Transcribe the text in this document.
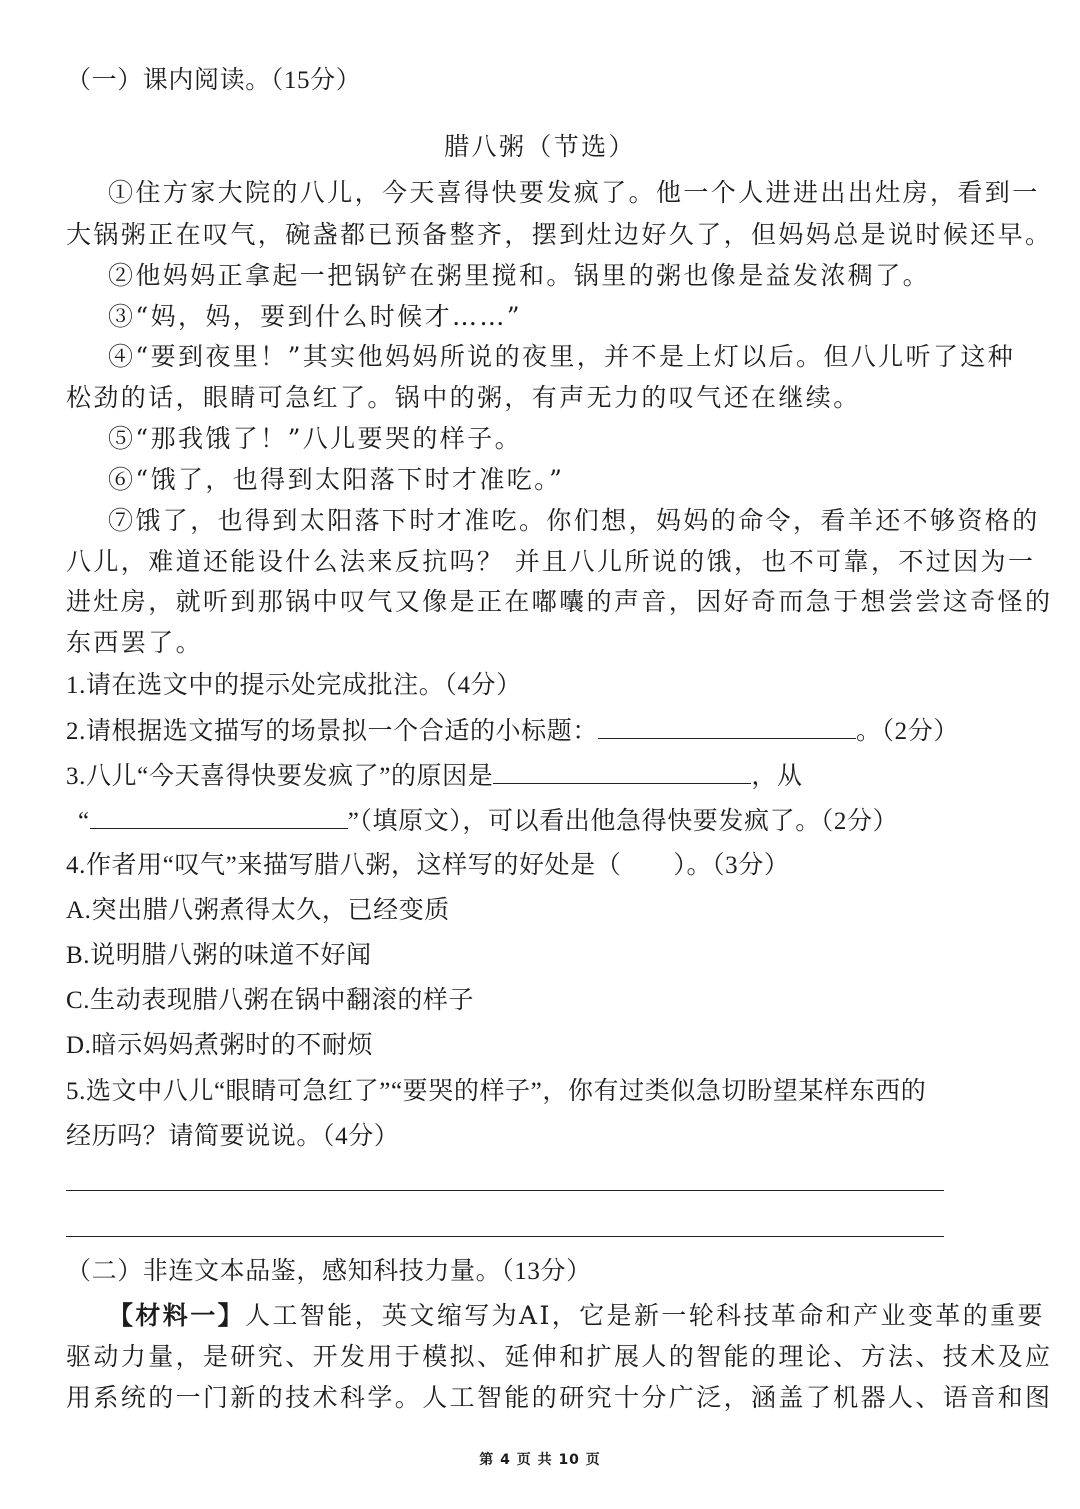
（一）课内阅读。（15分）
腊八粥（节选）
①住方家大院的八儿，今天喜得快要发疯了。他一个人进进出出灶房，看到一
大锅粥正在叹气，碗盏都已预备整齐，摆到灶边好久了，但妈妈总是说时候还早。
②他妈妈正拿起一把锅铲在粥里搅和。锅里的粥也像是益发浓稠了。
③“妈，妈，要到什么时候才……”
④“要到夜里！”其实他妈妈所说的夜里，并不是上灯以后。但八儿听了这种
松劲的话，眼睛可急红了。锅中的粥，有声无力的叹气还在继续。
⑤“那我饿了！”八儿要哭的样子。
⑥“饿了，也得到太阳落下时才准吃。”
⑦饿了，也得到太阳落下时才准吃。你们想，妈妈的命令，看羊还不够资格的
八儿，难道还能设什么法来反抗吗？ 并且八儿所说的饿，也不可靠，不过因为一
进灶房，就听到那锅中叹气又像是正在嘟囔的声音，因好奇而急于想尝尝这奇怪的
东西罢了。
1.请在选文中的提示处完成批注。（4分）
2.请根据选文描写的场景拟一个合适的小标题：	。（2分）
3.八儿“今天喜得快要发疯了”的原因是	，从
“	”（填原文），可以看出他急得快要发疯了。（2分）
4.作者用“叹气”来描写腊八粥，这样写的好处是（ ）。（3分）
A.突出腊八粥煮得太久，已经变质
B.说明腊八粥的味道不好闻
C.生动表现腊八粥在锅中翻滚的样子
D.暗示妈妈煮粥时的不耐烦
5.选文中八儿“眼睛可急红了”“要哭的样子”，你有过类似急切盼望某样东西的
经历吗？请简要说说。（4分）
（二）非连文本品鉴，感知科技力量。（13分）
【材料一】人工智能，英文缩写为AI，它是新一轮科技革命和产业变革的重要
驱动力量，是研究、开发用于模拟、延伸和扩展人的智能的理论、方法、技术及应
用系统的一门新的技术科学。人工智能的研究十分广泛，涵盖了机器人、语音和图
第 4 页 共 10 页
